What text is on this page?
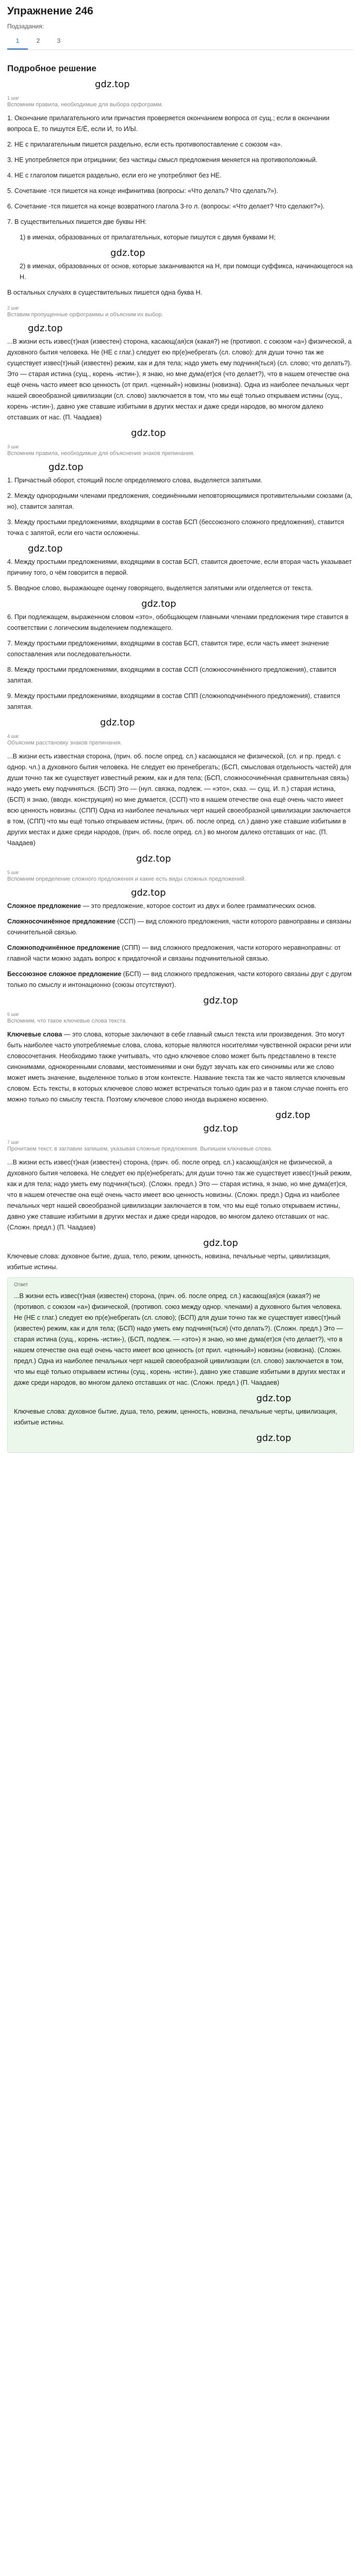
Упражнение 246
Подзадания:
1	2	3
Подробное решение
gdz.top
1 шаг
Вспомним правила, необходимые для выбора орфограмм.
1. Окончание прилагательного или причастия проверяется окончанием вопроса от сущ.; если в окончании вопроса Е, то пишутся Е/Ё, если И, то И/Ы.
2. НЕ с прилагательным пишется раздельно, если есть противопоставление с союзом «а».
3. НЕ употребляется при отрицании; без частицы смысл предложения меняется на противоположный.
4. НЕ с глаголом пишется раздельно, если его не употребляют без НЕ.
5. Сочетание -тся пишется на конце инфинитива (вопросы: «Что делать? Что сделать?»).
6. Сочетание -тся пишется на конце возвратного глагола 3-го л. (вопросы: «Что делает? Что сделают?»).
7. В существительных пишется две буквы НН:
1) в именах, образованных от прилагательных, которые пишутся с двумя буквами Н;
gdz.top
2) в именах, образованных от основ, которые заканчиваются на Н, при помощи суффикса, начинающегося на Н.
В остальных случаях в существительных пишется одна буква Н.
2 шаг
Вставим пропущенные орфограммы и объясним их выбор.
gdz.top

...В жизни есть извес(т)ная (известен) сторона, касающ(ая)ся (какая?) не (противоп. с союзом «а») физической, а духовного бытия человека. Не (НЕ с глаг.) следует ею пр(е)небрегать (сл. слово): для души точно так же существует извес(т)ный (известен) режим, как и для тела; надо уметь ему подчиня(ться) (сл. слово; что делать?). Это — старая истина (сущ., корень -истин-), я знаю, но мне дума(ет)ся (что делает?), что в нашем отечестве она ещё очень часто имеет всю ценность (от прил. «ценный») новизны (новизна). Одна из наиболее печальных черт нашей своеобразной цивилизации (сл. слово) заключается в том, что мы ещё только открываем истины (сущ., корень -истин-), давно уже ставшие избитыми в других местах и даже среди народов, во многом далеко отставших от нас. (П. Чаадаев)

gdz.top
3 шаг
Вспомним правила, необходимые для объяснения знаков препинания.
gdz.top
1. Причастный оборот, стоящий после определяемого слова, выделяется запятыми.
2. Между однородными членами предложения, соединёнными неповторяющимися противительными союзами (а, но), ставится запятая.
3. Между простыми предложениями, входящими в состав БСП (бессоюзного сложного предложения), ставится точка с запятой, если его части осложнены.
gdz.top
4. Между простыми предложениями, входящими в состав БСП, ставится двоеточие, если вторая часть указывает причину того, о чём говорится в первой.
5. Вводное слово, выражающее оценку говорящего, выделяется запятыми или отделяется от текста.
gdz.top
6. При подлежащем, выраженном словом «это», обобщающем главными членами предложения тире ставится в соответствии с логическим выделением подлежащего.
7. Между простыми предложениями, входящими в состав БСП, ставится тире, если часть имеет значение сопоставления или последовательности.
8. Между простыми предложениями, входящими в состав ССП (сложносочинённого предложения), ставится запятая.
9. Между простыми предложениями, входящими в состав СПП (сложноподчинённого предложения), ставится запятая.
gdz.top
4 шаг
Объясним расстановку знаков препинания.

...В жизни есть известная сторона, (прич. об. после опред. сл.) касающаяся не физической, (сл. и пр. предл. с однор. чл.) а духовного бытия человека. Не следует ею пренебрегать; (БСП, смысловая отдельность частей) для души точно так же существует известный режим, как и для тела; (БСП, сложносочинённая сравнительная связь) надо уметь ему подчиняться. (БСП) Это — (нул. связка, подлеж. — «это», сказ. — сущ. И. п.) старая истина, (БСП) я знаю, (вводн. конструкция) но мне думается, (ССП) что в нашем отечестве она ещё очень часто имеет всю ценность новизны. (СПП) Одна из наиболее печальных черт нашей своеобразной цивилизации заключается в том, (СПП) что мы ещё только открываем истины, (прич. об. после опред. сл.) давно уже ставшие избитыми в других местах и даже среди народов, (прич. об. после опред. сл.) во многом далеко отставших от нас. (П. Чаадаев)

gdz.top
5 шаг
Вспомним определение сложного предложения и какие есть виды сложных предложений.
gdz.top

Сложное предложение — это предложение, которое состоит из двух и более грамматических основ.

Сложносочинённое предложение (ССП) — вид сложного предложения, части которого равноправны и связаны сочинительной связью.

Сложноподчинённое предложение (СПП) — вид сложного предложения, части которого неравноправны: от главной части можно задать вопрос к придаточной и связаны подчинительной связью.

Бессоюзное сложное предложение (БСП) — вид сложного предложения, части которого связаны друг с другом только по смыслу и интонационно (союзы отсутствуют).

gdz.top
6 шаг
Вспомним, что такое ключевые слова текста.

Ключевые слова — это слова, которые заключают в себе главный смысл текста или произведения. Это могут быть наиболее часто употребляемые слова, слова, которые являются носителями чувственной окраски речи или словосочетания. Необходимо также учитывать, что одно ключевое слово может быть представлено в тексте синонимами, однокоренными словами, местоимениями и они будут звучать как его синонимы или же слово может иметь значение, выделенное только в этом контексте. Название текста так же часто является ключевым словом. Есть тексты, в которых ключевое слово может встречаться только один раз и в таком случае понять его можно только по смыслу текста. Поэтому ключевое слово иногда выражено косвенно.

gdz.top
gdz.top
7 шаг
Прочитаем текст, в заглавии запишем, указывая сложные предложения. Выпишем ключевые слова.

...В жизни есть извес(т)ная (известен) сторона, (прич. об. после опред. сл.) касающ(ая)ся не физической, а духовного бытия человека. Не следует ею пр(е)небрегать; для души точно так же существует извес(т)ный режим, как и для тела; надо уметь ему подчиня(ться). (Сложн. предл.) Это — старая истина, я знаю, но мне дума(ет)ся, что в нашем отечестве она ещё очень часто имеет всю ценность новизны. (Сложн. предл.) Одна из наиболее печальных черт нашей своеобразной цивилизации заключается в том, что мы ещё только открываем истины, давно уже ставшие избитыми в других местах и даже среди народов, во многом далеко отставших от нас. (Сложн. предл.) (П. Чаадаев)

gdz.top

Ключевые слова: духовное бытие, душа, тело, режим, ценность, новизна, печальные черты, цивилизация, избитые истины.

Ответ

...В жизни есть извес(т)ная (известен) сторона, (прич. об. после опред. сл.) касающ(ая)ся (какая?) не (противоп. с союзом «а») физической, (противоп. союз между однор. членами) а духовного бытия человека. Не (НЕ с глаг.) следует ею пр(е)небрегать (сл. слово); (БСП) для души точно так же существует извес(т)ный (известен) режим, как и для тела; (БСП) надо уметь ему подчиня(ться) (что делать?). (Сложн. предл.) Это — старая истина (сущ., корень -истин-), (БСП, подлеж. — «это») я знаю, но мне дума(ет)ся (что делает?), что в нашем отечестве она ещё очень часто имеет всю ценность (от прил. «ценный») новизны (новизна). (Сложн. предл.) Одна из наиболее печальных черт нашей своеобразной цивилизации (сл. слово) заключается в том, что мы ещё только открываем истины (сущ., корень -истин-), давно уже ставшие избитыми в других местах и даже среди народов, во многом далеко отставших от нас. (Сложн. предл.) (П. Чаадаев)

gdz.top

Ключевые слова: духовное бытие, душа, тело, режим, ценность, новизна, печальные черты, цивилизация, избитые истины.

gdz.top
